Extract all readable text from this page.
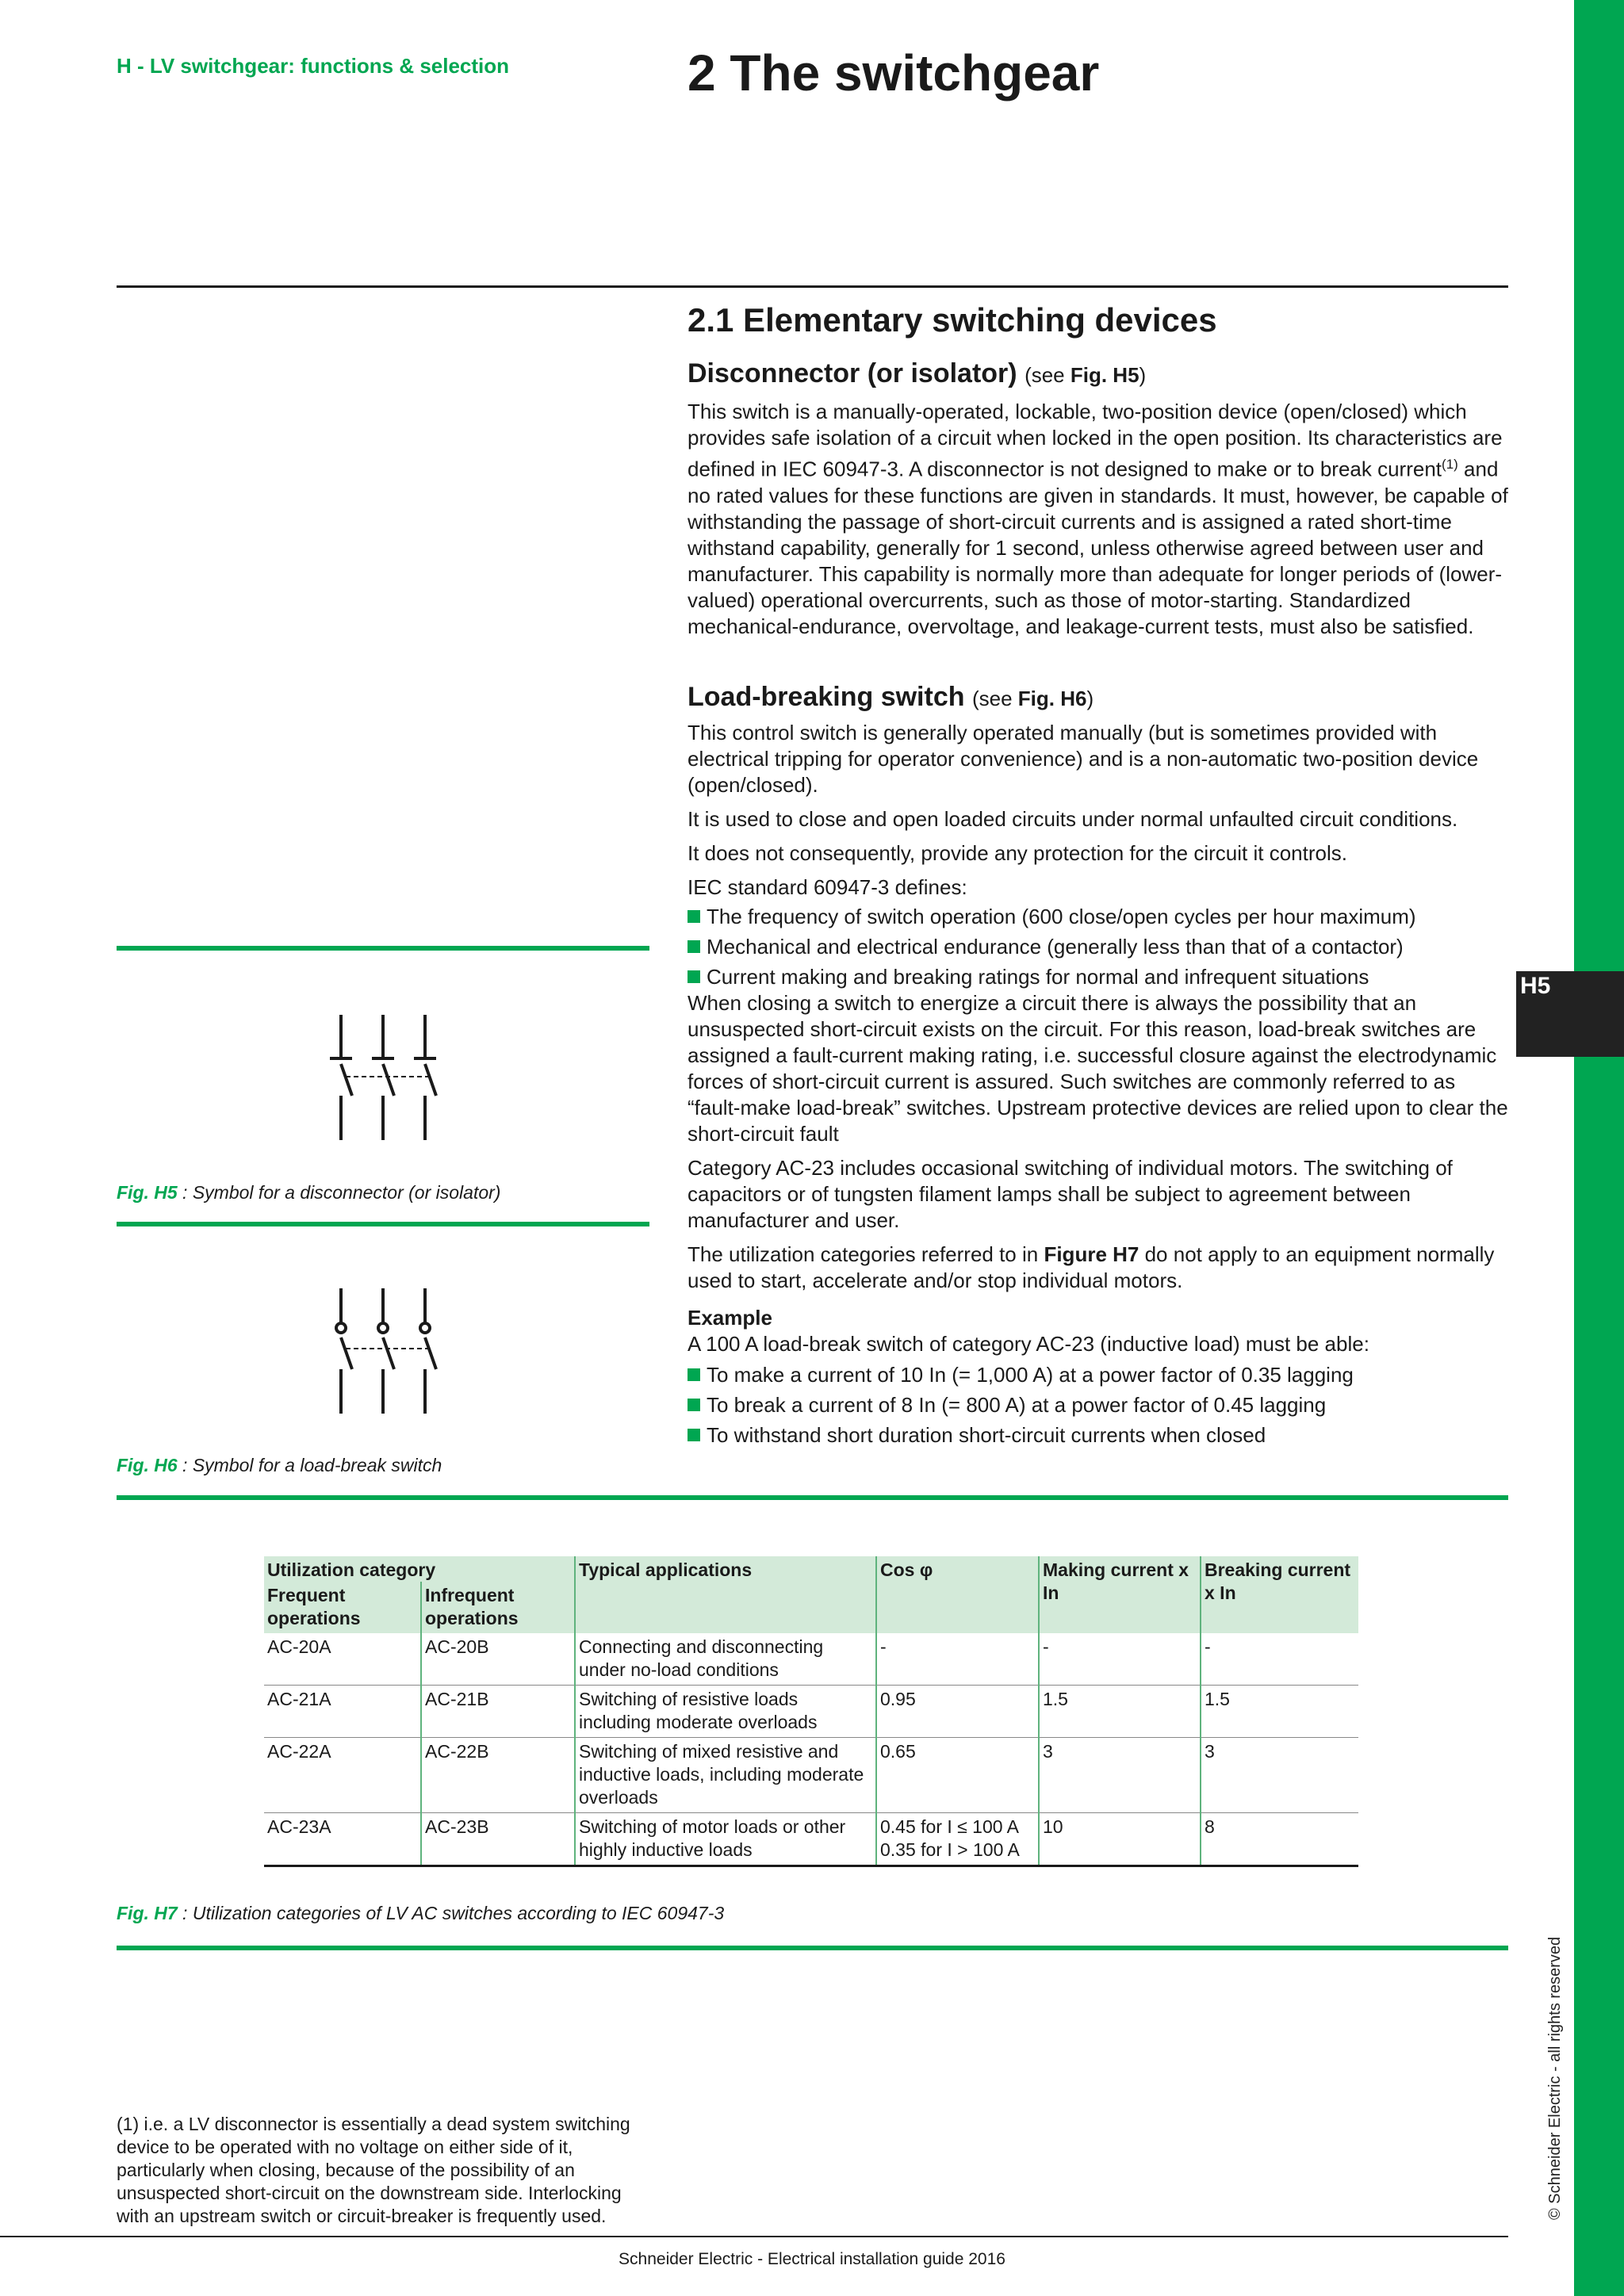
H5
© Schneider Electric - all rights reserved
H - LV switchgear: functions & selection	2 The switchgear
2.1 Elementary switching devices
Disconnector (or isolator) (see Fig. H5)

This switch is a manually-operated, lockable, two-position device (open/closed) which provides safe isolation of a circuit when locked in the open position. Its characteristics are defined in IEC 60947-3. A disconnector is not designed to make or to break current$^{(1)}$ and no rated values for these functions are given in standards. It must, however, be capable of withstanding the passage of short-circuit currents and is assigned a rated short-time withstand capability, generally for 1 second, unless otherwise agreed between user and manufacturer. This capability is normally more than adequate for longer periods of (lower-valued) operational overcurrents, such as those of motor-starting. Standardized mechanical-endurance, overvoltage, and leakage-current tests, must also be satisfied.

Load-breaking switch (see Fig. H6)

This control switch is generally operated manually (but is sometimes provided with electrical tripping for operator convenience) and is a non-automatic two-position device (open/closed).

It is used to close and open loaded circuits under normal unfaulted circuit conditions.

It does not consequently, provide any protection for the circuit it controls.

IEC standard 60947-3 defines:

The frequency of switch operation (600 close/open cycles per hour maximum)
Mechanical and electrical endurance (generally less than that of a contactor)
Current making and breaking ratings for normal and infrequent situations

When closing a switch to energize a circuit there is always the possibility that an unsuspected short-circuit exists on the circuit. For this reason, load-break switches are assigned a fault-current making rating, i.e. successful closure against the electrodynamic forces of short-circuit current is assured. Such switches are commonly referred to as “fault-make load-break” switches. Upstream protective devices are relied upon to clear the short-circuit fault

Category AC-23 includes occasional switching of individual motors. The switching of capacitors or of tungsten filament lamps shall be subject to agreement between manufacturer and user.

The utilization categories referred to in Figure H7 do not apply to an equipment normally used to start, accelerate and/or stop individual motors.

Example
A 100 A load-break switch of category AC-23 (inductive load) must be able:
To make a current of 10 In (= 1,000 A) at a power factor of 0.35 lagging
To break a current of 8 In (= 800 A) at a power factor of 0.45 lagging
To withstand short duration short-circuit currents when closed
Fig. H5 : Symbol for a disconnector (or isolator)
Fig. H6 : Symbol for a load-break switch
Utilization category		Typical applications	Cos φ	Making current x In	Breaking current x In
Frequent operations	Infrequent operations				
AC-20A	AC-20B	Connecting and disconnecting under no-load conditions	-	-	-
AC-21A	AC-21B	Switching of resistive loads including moderate overloads	0.95	1.5	1.5
AC-22A	AC-22B	Switching of mixed resistive and inductive loads, including moderate overloads	0.65	3	3
AC-23A	AC-23B	Switching of motor loads or other highly inductive loads	0.45 for I ≤ 100 A 0.35 for I > 100 A	10	8
Fig. H7 : Utilization categories of LV AC switches according to IEC 60947-3
(1) i.e. a LV disconnector is essentially a dead system switching device to be operated with no voltage on either side of it, particularly when closing, because of the possibility of an unsuspected short-circuit on the downstream side. Interlocking with an upstream switch or circuit-breaker is frequently used.
Schneider Electric - Electrical installation guide 2016
